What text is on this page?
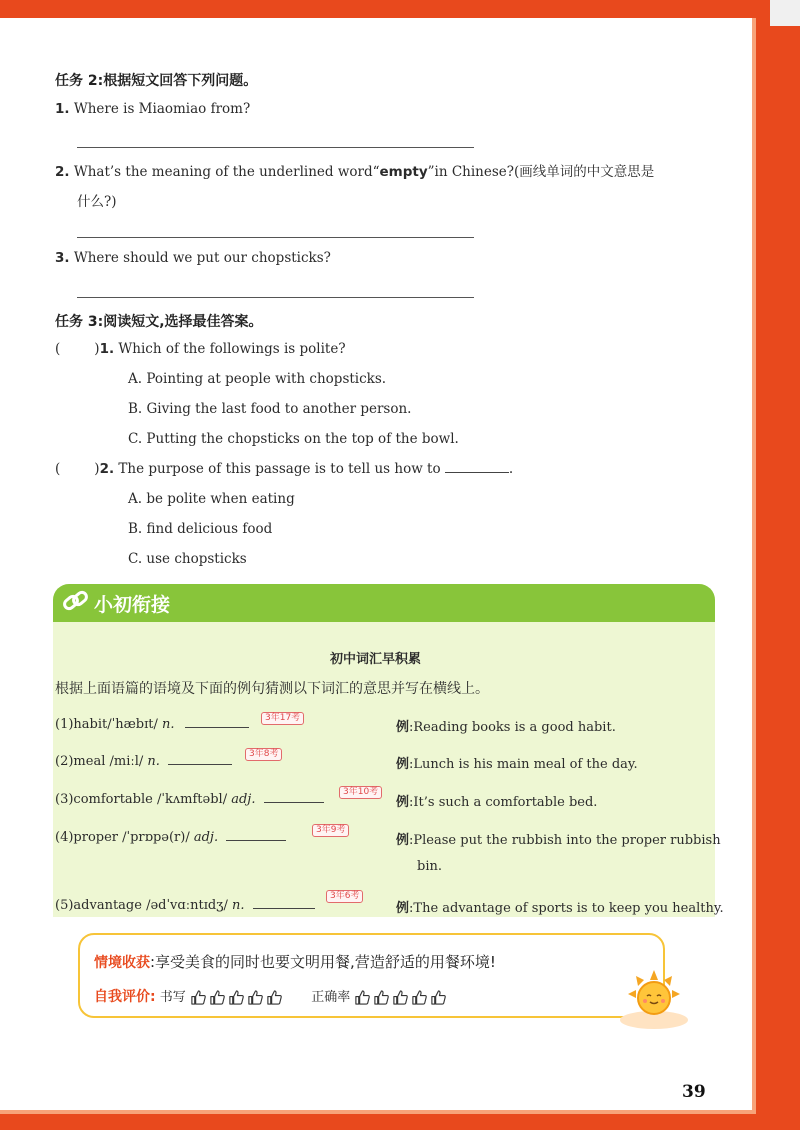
任务 2:根据短文回答下列问题。
1. Where is Miaomiao from?
2. What’s the meaning of the underlined word“empty”in Chinese?(画线单词的中文意思是
什么?)
3. Where should we put our chopsticks?
任务 3:阅读短文,选择最佳答案。
(	)1. Which of the followings is polite?
A. Pointing at people with chopsticks.
B. Giving the last food to another person.
C. Putting the chopsticks on the top of the bowl.
(	)2. The purpose of this passage is to tell us how to	.
A. be polite when eating
B. find delicious food
C. use chopsticks
小初衔接
初中词汇早积累
根据上面语篇的语境及下面的例句猜测以下词汇的意思并写在横线上。
(1)habit/ˈhæbɪt/ n.	3年17考
例:Reading books is a good habit.
(2)meal /miːl/ n.	3年8考
例:Lunch is his main meal of the day.
(3)comfortable /ˈkʌmftəbl/ adj.	3年10考
例:It’s such a comfortable bed.
(4)proper /ˈprɒpə(r)/ adj.	3年9考
例:Please put the rubbish into the proper rubbish
bin.
(5)advantage /ədˈvɑːntɪdʒ/ n.
3年6考
例:The advantage of sports is to keep you healthy.
情境收获:享受美食的同时也要文明用餐,营造舒适的用餐环境!
自我评价: 书写	正确率
39
